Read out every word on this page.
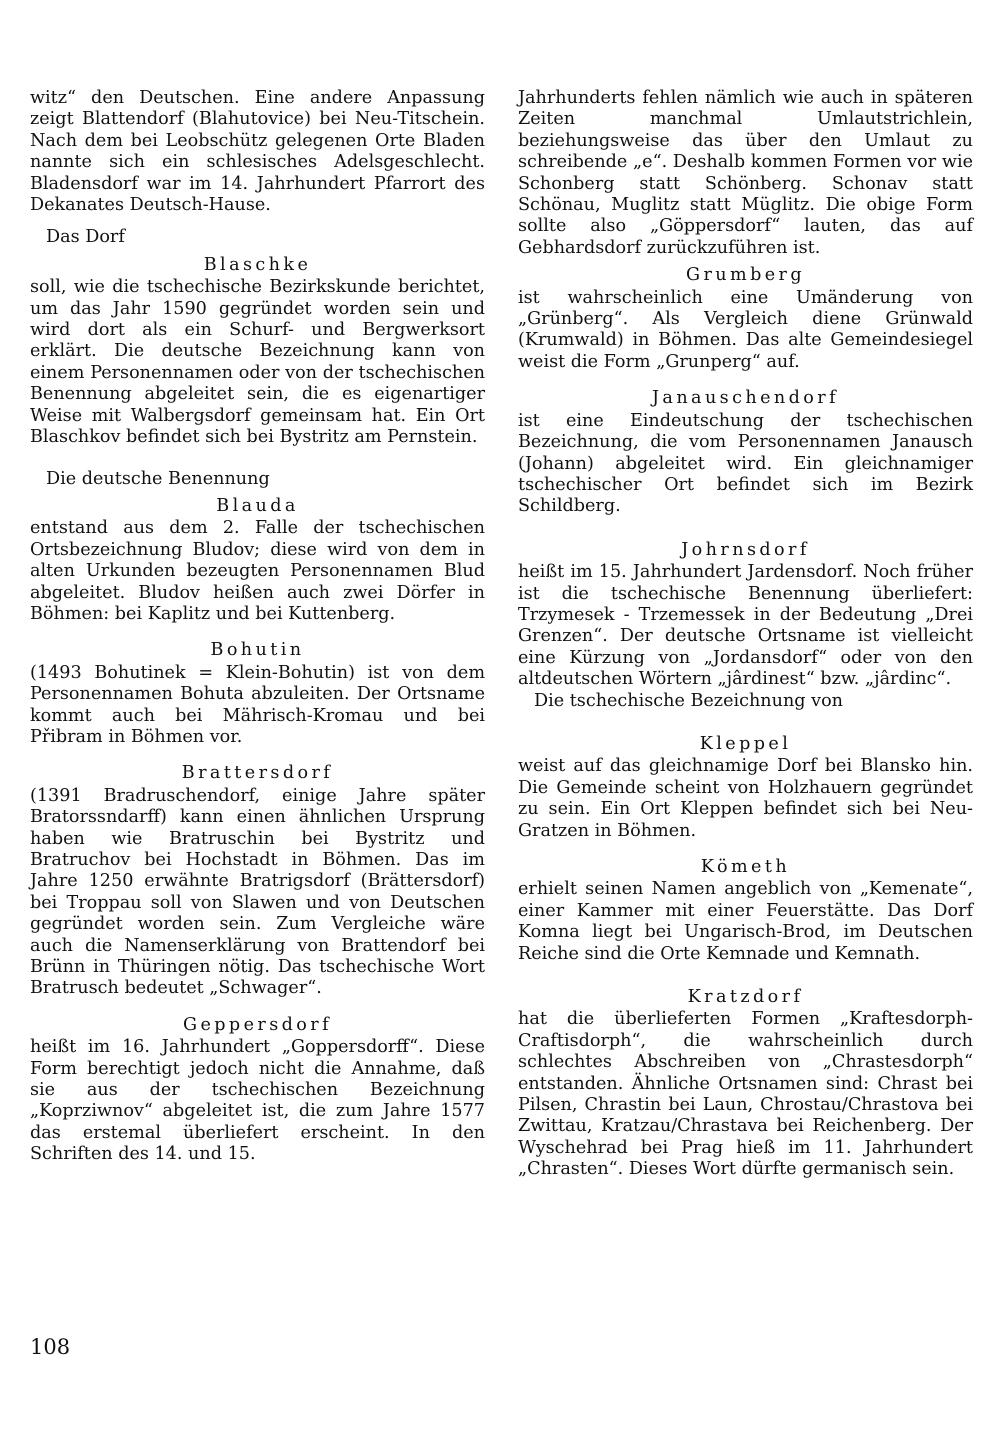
witz“ den Deutschen. Eine andere Anpassung zeigt Blattendorf (Blahutovice) bei Neu-Titschein. Nach dem bei Leobschütz gelegenen Orte Bladen nannte sich ein schlesisches Adelsgeschlecht. Bladensdorf war im 14. Jahrhundert Pfarrort des Dekanates Deutsch-Hause.

Das Dorf

Blaschke

soll, wie die tschechische Bezirkskunde berichtet, um das Jahr 1590 gegründet worden sein und wird dort als ein Schurf- und Bergwerksort erklärt. Die deutsche Bezeichnung kann von einem Personennamen oder von der tschechischen Benennung abgeleitet sein, die es eigenartiger Weise mit Walbergsdorf gemeinsam hat. Ein Ort Blaschkov befindet sich bei Bystritz am Pernstein.

Die deutsche Benennung

Blauda

entstand aus dem 2. Falle der tschechischen Ortsbezeichnung Bludov; diese wird von dem in alten Urkunden bezeugten Personennamen Blud abgeleitet. Bludov heißen auch zwei Dörfer in Böhmen: bei Kaplitz und bei Kuttenberg.

Bohutin

(1493 Bohutinek = Klein-Bohutin) ist von dem Personennamen Bohuta abzuleiten. Der Ortsname kommt auch bei Mährisch-Kromau und bei Přibram in Böhmen vor.

Brattersdorf

(1391 Bradruschendorf, einige Jahre später Bratorssndarff) kann einen ähnlichen Ursprung haben wie Bratruschin bei Bystritz und Bratruchov bei Hochstadt in Böhmen. Das im Jahre 1250 erwähnte Bratrigsdorf (Brättersdorf) bei Troppau soll von Slawen und von Deutschen gegründet worden sein. Zum Vergleiche wäre auch die Namenserklärung von Brattendorf bei Brünn in Thüringen nötig. Das tschechische Wort Bratrusch bedeutet „Schwager“.

Geppersdorf

heißt im 16. Jahrhundert „Goppersdorff“. Diese Form berechtigt jedoch nicht die Annahme, daß sie aus der tschechischen Bezeichnung „Koprziwnov“ abgeleitet ist, die zum Jahre 1577 das erstemal überliefert erscheint. In den Schriften des 14. und 15.

Jahrhunderts fehlen nämlich wie auch in späteren Zeiten manchmal Umlautstrichlein, beziehungsweise das über den Umlaut zu schreibende „e“. Deshalb kommen Formen vor wie Schonberg statt Schönberg. Schonav statt Schönau, Muglitz statt Müglitz. Die obige Form sollte also „Göppersdorf“ lauten, das auf Gebhardsdorf zurückzuführen ist.

Grumberg

ist wahrscheinlich eine Umänderung von „Grünberg“. Als Vergleich diene Grünwald (Krumwald) in Böhmen. Das alte Gemeindesiegel weist die Form „Grunperg“ auf.

Janauschendorf

ist eine Eindeutschung der tschechischen Bezeichnung, die vom Personennamen Janausch (Johann) abgeleitet wird. Ein gleichnamiger tschechischer Ort befindet sich im Bezirk Schildberg.

Johrnsdorf

heißt im 15. Jahrhundert Jardensdorf. Noch früher ist die tschechische Benennung überliefert: Trzymesek - Trzemessek in der Bedeutung „Drei Grenzen“. Der deutsche Ortsname ist vielleicht eine Kürzung von „Jordansdorf“ oder von den altdeutschen Wörtern „jârdinest“ bzw. „jârdinc“.

Die tschechische Bezeichnung von

Kleppel

weist auf das gleichnamige Dorf bei Blansko hin. Die Gemeinde scheint von Holzhauern gegründet zu sein. Ein Ort Kleppen befindet sich bei Neu-Gratzen in Böhmen.

Kömeth

erhielt seinen Namen angeblich von „Kemenate“, einer Kammer mit einer Feuerstätte. Das Dorf Komna liegt bei Ungarisch-Brod, im Deutschen Reiche sind die Orte Kemnade und Kemnath.

Kratzdorf

hat die überlieferten Formen „Kraftesdorph-Craftisdorph“, die wahrscheinlich durch schlechtes Abschreiben von „Chrastesdorph“ entstanden. Ähnliche Ortsnamen sind: Chrast bei Pilsen, Chrastin bei Laun, Chrostau/Chrastova bei Zwittau, Kratzau/Chrastava bei Reichenberg. Der Wyschehrad bei Prag hieß im 11. Jahrhundert „Chrasten“. Dieses Wort dürfte germanisch sein.

108
